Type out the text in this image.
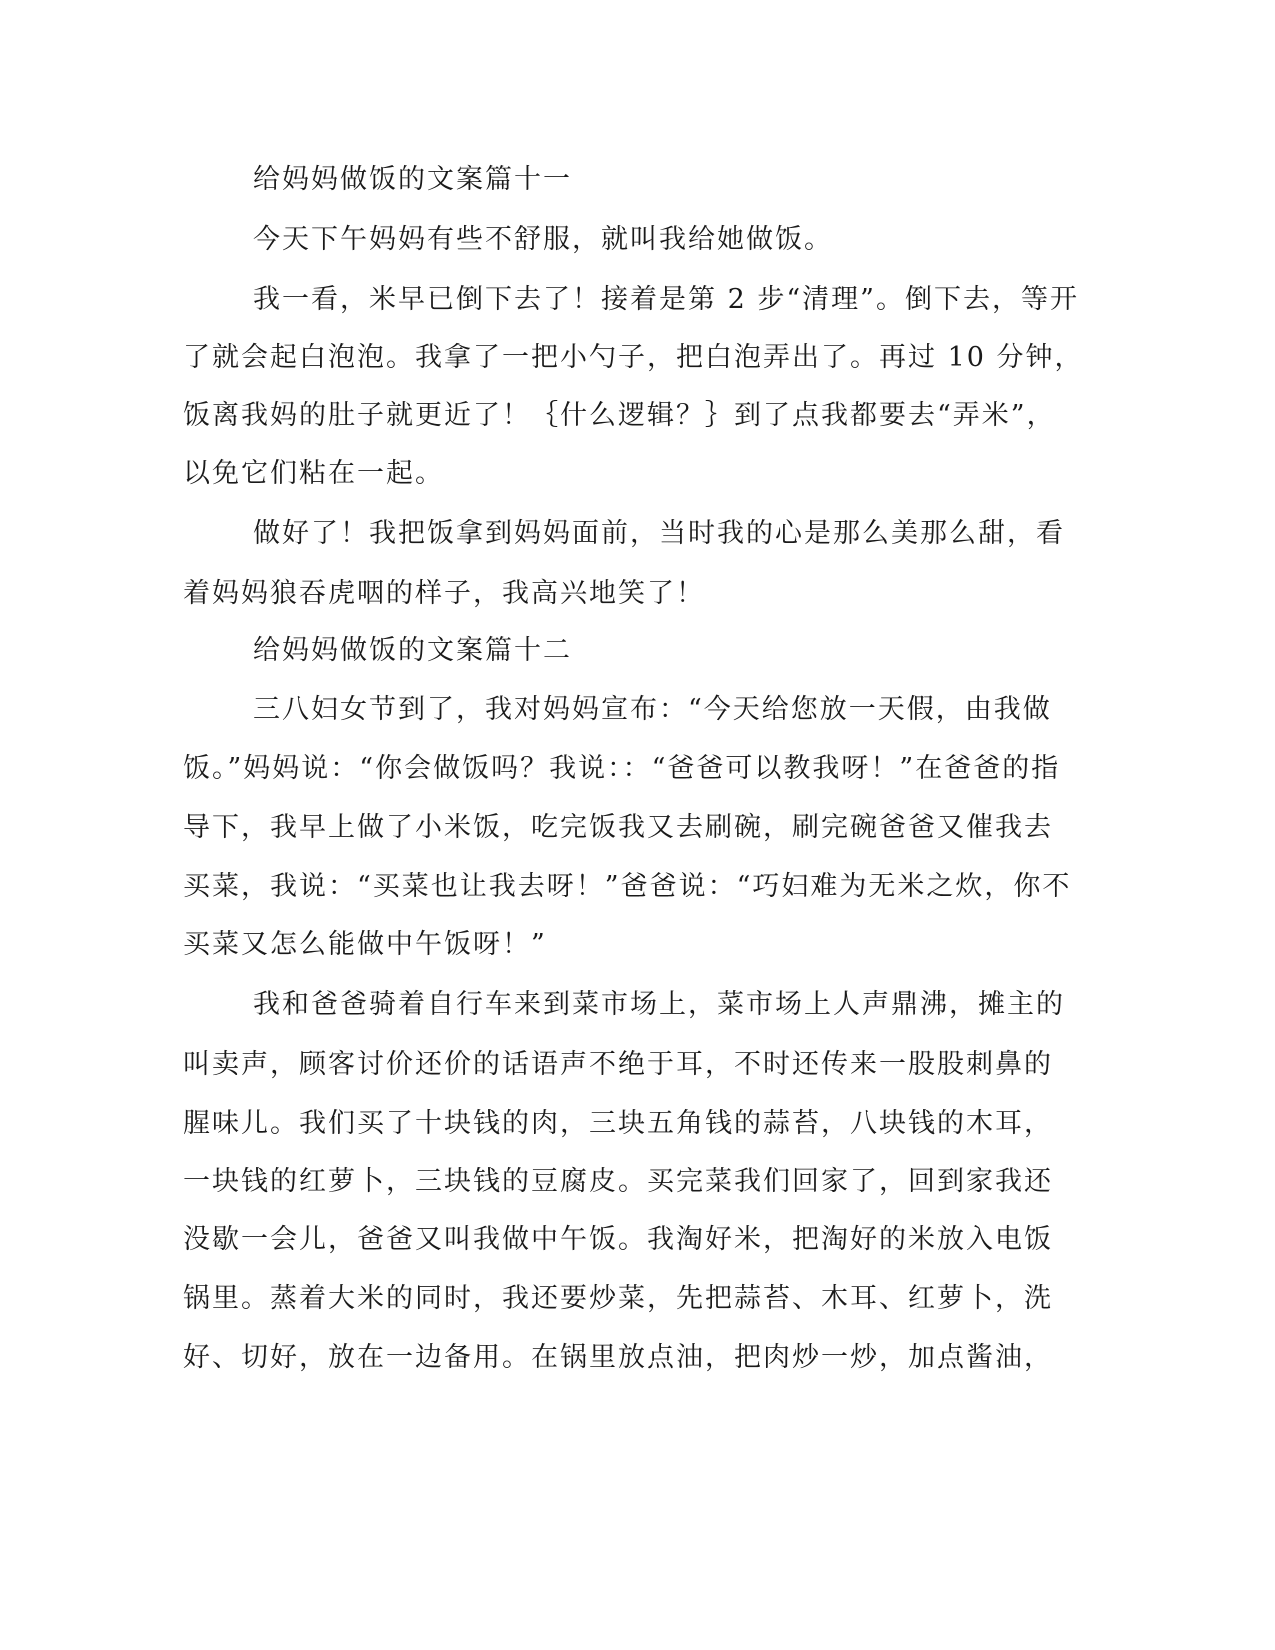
给妈妈做饭的文案篇十一
今天下午妈妈有些不舒服，就叫我给她做饭。
我一看，米早已倒下去了！接着是第 2 步“清理”。倒下去，等开
了就会起白泡泡。我拿了一把小勺子，把白泡弄出了。再过 10 分钟，
饭离我妈的肚子就更近了！｛什么逻辑？｝到了点我都要去“弄米”，
以免它们粘在一起。
做好了！我把饭拿到妈妈面前，当时我的心是那么美那么甜，看
着妈妈狼吞虎咽的样子，我高兴地笑了！
给妈妈做饭的文案篇十二
三八妇女节到了，我对妈妈宣布：“今天给您放一天假，由我做
饭。”妈妈说：“你会做饭吗？我说：：“爸爸可以教我呀！”在爸爸的指
导下，我早上做了小米饭，吃完饭我又去刷碗，刷完碗爸爸又催我去
买菜，我说：“买菜也让我去呀！”爸爸说：“巧妇难为无米之炊，你不
买菜又怎么能做中午饭呀！”
我和爸爸骑着自行车来到菜市场上，菜市场上人声鼎沸，摊主的
叫卖声，顾客讨价还价的话语声不绝于耳，不时还传来一股股刺鼻的
腥味儿。我们买了十块钱的肉，三块五角钱的蒜苔，八块钱的木耳，
一块钱的红萝卜，三块钱的豆腐皮。买完菜我们回家了，回到家我还
没歇一会儿，爸爸又叫我做中午饭。我淘好米，把淘好的米放入电饭
锅里。蒸着大米的同时，我还要炒菜，先把蒜苔、木耳、红萝卜，洗
好、切好，放在一边备用。在锅里放点油，把肉炒一炒，加点酱油，
